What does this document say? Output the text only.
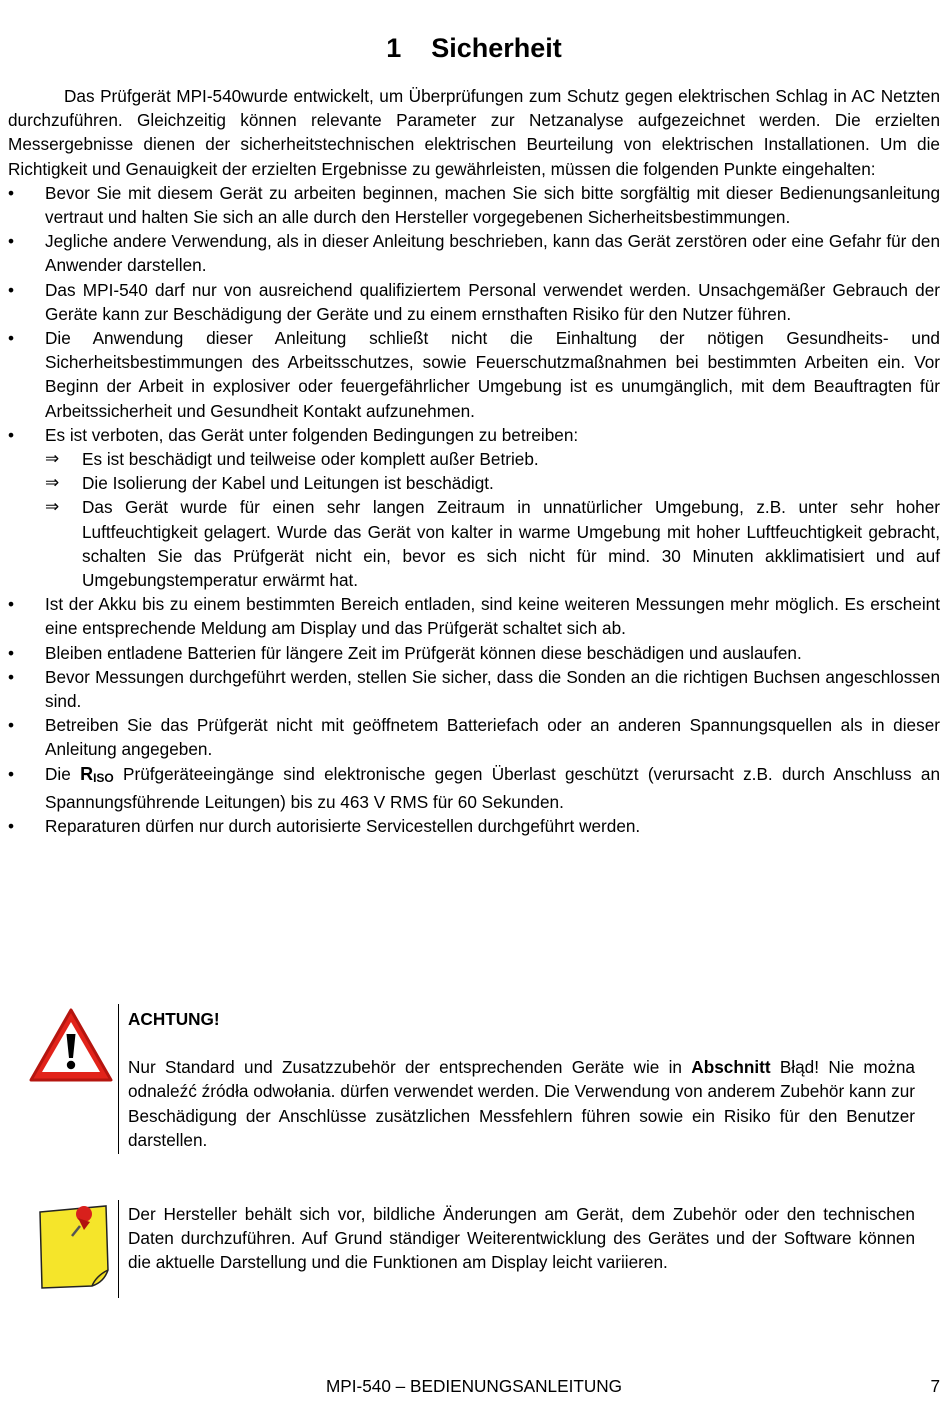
1 Sicherheit

Das Prüfgerät MPI-540wurde entwickelt, um Überprüfungen zum Schutz gegen elektrischen Schlag in AC Netzten durchzuführen. Gleichzeitig können relevante Parameter zur Netzanalyse aufgezeichnet werden. Die erzielten Messergebnisse dienen der sicherheitstechnischen elektrischen Beurteilung von elektrischen Installationen. Um die Richtigkeit und Genauigkeit der erzielten Ergebnisse zu gewährleisten, müssen die folgenden Punkte eingehalten:

• Bevor Sie mit diesem Gerät zu arbeiten beginnen, machen Sie sich bitte sorgfältig mit dieser Bedienungsanleitung vertraut und halten Sie sich an alle durch den Hersteller vorgegebenen Sicherheitsbestimmungen.
• Jegliche andere Verwendung, als in dieser Anleitung beschrieben, kann das Gerät zerstören oder eine Gefahr für den Anwender darstellen.
• Das MPI-540 darf nur von ausreichend qualifiziertem Personal verwendet werden. Unsachgemäßer Gebrauch der Geräte kann zur Beschädigung der Geräte und zu einem ernsthaften Risiko für den Nutzer führen.
• Die Anwendung dieser Anleitung schließt nicht die Einhaltung der nötigen Gesundheits- und Sicherheitsbestimmungen des Arbeitsschutzes, sowie Feuerschutzmaßnahmen bei bestimmten Arbeiten ein. Vor Beginn der Arbeit in explosiver oder feuergefährlicher Umgebung ist es unumgänglich, mit dem Beauftragten für Arbeitssicherheit und Gesundheit Kontakt aufzunehmen.
• Es ist verboten, das Gerät unter folgenden Bedingungen zu betreiben:
⇒ Es ist beschädigt und teilweise oder komplett außer Betrieb.
⇒ Die Isolierung der Kabel und Leitungen ist beschädigt.
⇒ Das Gerät wurde für einen sehr langen Zeitraum in unnatürlicher Umgebung, z.B. unter sehr hoher Luftfeuchtigkeit gelagert. Wurde das Gerät von kalter in warme Umgebung mit hoher Luftfeuchtigkeit gebracht, schalten Sie das Prüfgerät nicht ein, bevor es sich nicht für mind. 30 Minuten akklimatisiert und auf Umgebungstemperatur erwärmt hat.
• Ist der Akku bis zu einem bestimmten Bereich entladen, sind keine weiteren Messungen mehr möglich. Es erscheint eine entsprechende Meldung am Display und das Prüfgerät schaltet sich ab.
• Bleiben entladene Batterien für längere Zeit im Prüfgerät können diese beschädigen und auslaufen.
• Bevor Messungen durchgeführt werden, stellen Sie sicher, dass die Sonden an die richtigen Buchsen angeschlossen sind.
• Betreiben Sie das Prüfgerät nicht mit geöffnetem Batteriefach oder an anderen Spannungsquellen als in dieser Anleitung angegeben.
• Die $R_{ISO}$ Prüfgeräteeingänge sind elektronische gegen Überlast geschützt (verursacht z.B. durch Anschluss an Spannungsführende Leitungen) bis zu 463 V RMS für 60 Sekunden.
• Reparaturen dürfen nur durch autorisierte Servicestellen durchgeführt werden.

ACHTUNG!

Nur Standard und Zusatzzubehör der entsprechenden Geräte wie in Abschnitt Błąd! Nie można odnaleźć źródła odwołania. dürfen verwendet werden. Die Verwendung von anderem Zubehör kann zur Beschädigung der Anschlüsse zusätzlichen Messfehlern führen sowie ein Risiko für den Benutzer darstellen.

Der Hersteller behält sich vor, bildliche Änderungen am Gerät, dem Zubehör oder den technischen Daten durchzuführen. Auf Grund ständiger Weiterentwicklung des Gerätes und der Software können die aktuelle Darstellung und die Funktionen am Display leicht variieren.

MPI-540 – BEDIENUNGSANLEITUNG	7
